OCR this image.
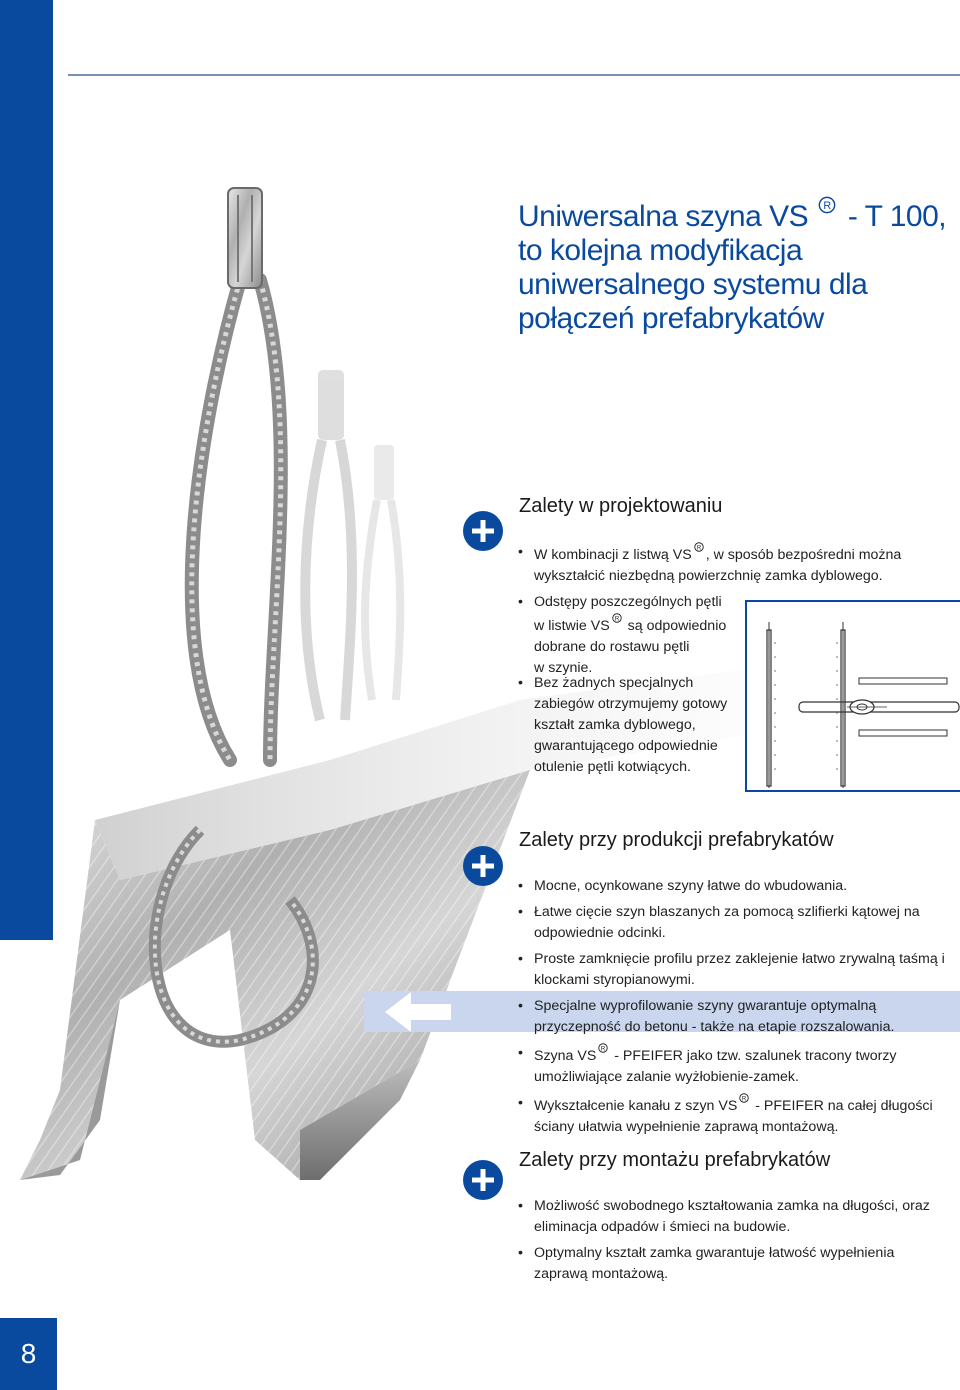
Uniwersalna szyna VS R - T 100,
to kolejna modyfikacja
uniwersalnego systemu dla
połączeń prefabrykatów
Zalety w projektowaniu
• W kombinacji z listwą VS R , w sposób bezpośredni można wykształcić niezbędną powierzchnię zamka dyblowego.
• Odstępy poszczególnych pętli
w listwie VS R są odpowiednio
dobrane do rostawu pętli
w szynie.
• Bez żadnych specjalnych
zabiegów otrzymujemy gotowy
kształt zamka dyblowego,
gwarantującego odpowiednie
otulenie pętli kotwiących.
Zalety przy produkcji prefabrykatów
• Mocne, ocynkowane szyny łatwe do wbudowania.
• Łatwe cięcie szyn blaszanych za pomocą szlifierki kątowej na odpowiednie odcinki.
• Proste zamknięcie profilu przez zaklejenie łatwo zrywalną taśmą i klockami styropianowymi.
• Specjalne wyprofilowanie szyny gwarantuje optymalną przyczepność do betonu - także na etapie rozszalowania.
• Szyna VS R - PFEIFER jako tzw. szalunek tracony tworzy umożliwiające zalanie wyżłobienie-zamek.
• Wykształcenie kanału z szyn VS R - PFEIFER na całej długości ściany ułatwia wypełnienie zaprawą montażową.
Zalety przy montażu prefabrykatów
• Możliwość swobodnego kształtowania zamka na długości, oraz eliminacja odpadów i śmieci na budowie.
• Optymalny kształt zamka gwarantuje łatwość wypełnienia zaprawą montażową.
8
